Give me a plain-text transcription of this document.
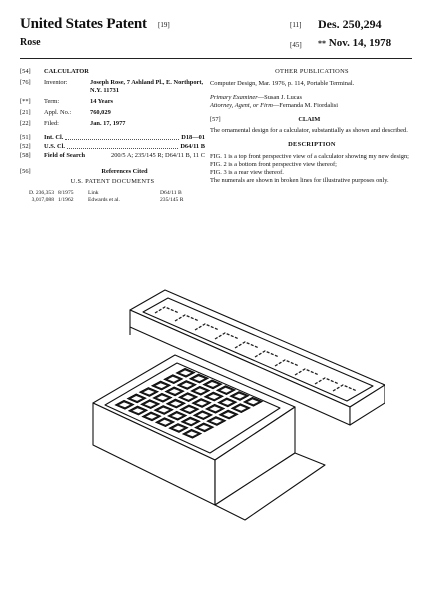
United States Patent [19]
Rose
[11] Des. 250,294
[45] ** Nov. 14, 1978
[54]	CALCULATOR
[76]	Inventor:	Joseph Rose, 7 Ashland Pl., E. Northport, N.Y. 11731
[**]	Term:	14 Years
[21]	Appl. No.:	760,029
[22]	Filed:	Jan. 17, 1977
[51]	Int. Cl.	D18—01
[52]	U.S. Cl.	D64/11 B
[58]	Field of Search	200/5 A; 235/145 R; D64/11 B, 11 C
[56]	References Cited
U.S. PATENT DOCUMENTS
D. 236,353 8/1975	Link	D64/11 B
3,017,088 1/1962	Edwards et al.	235/145 R
OTHER PUBLICATIONS
Computer Design, Mar. 1976, p. 114, Portable Terminal.
Primary Examiner—Susan J. Lucas
Attorney, Agent, or Firm—Fernanda M. Fiordalisi
[57]	CLAIM
The ornamental design for a calculator, substantially as shown and described.
DESCRIPTION
FIG. 1 is a top front perspective view of a calculator showing my new design;
FIG. 2 is a bottom front perspective view thereof;
FIG. 3 is a rear view thereof.
The numerals are shown in broken lines for illustrative purposes only.
